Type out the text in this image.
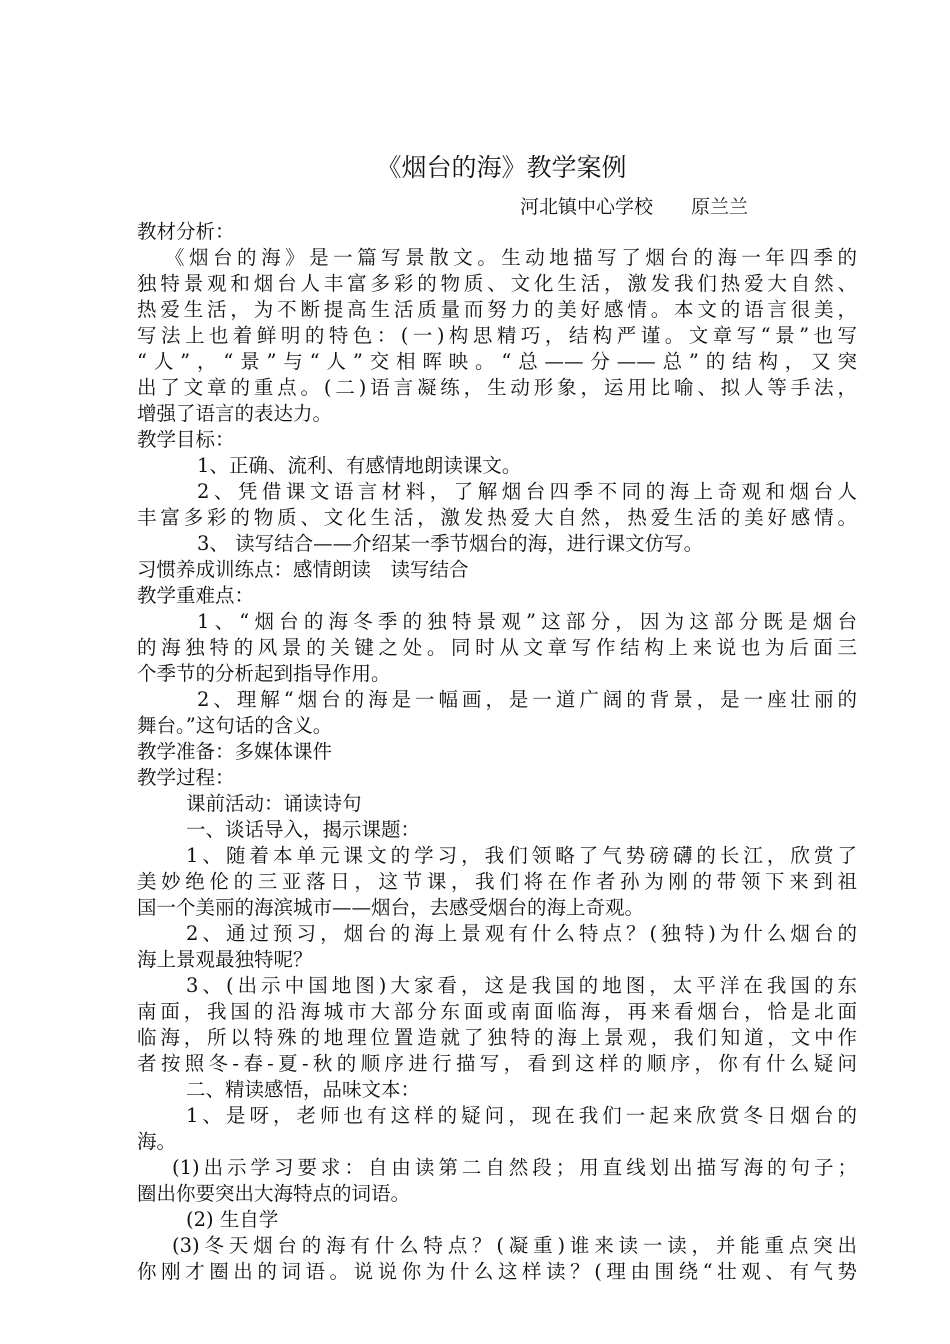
《烟台的海》教学案例
河北镇中心学校　　原兰兰
教材分析：
《烟台的海》是一篇写景散文。生动地描写了烟台的海一年四季的
独特景观和烟台人丰富多彩的物质、文化生活，激发我们热爱大自然、
热爱生活，为不断提高生活质量而努力的美好感情。本文的语言很美，
写法上也着鲜明的特色：(一)构思精巧，结构严谨。文章写“景”也写
“人”，“景”与“人”交相晖映。“总——分——总”的结构，又突
出了文章的重点。(二)语言凝练，生动形象，运用比喻、拟人等手法，
增强了语言的表达力。
教学目标：
1、正确、流利、有感情地朗读课文。
2、凭借课文语言材料，了解烟台四季不同的海上奇观和烟台人
丰富多彩的物质、文化生活，激发热爱大自然，热爱生活的美好感情。
3、 读写结合——介绍某一季节烟台的海，进行课文仿写。
习惯养成训练点：感情朗读　读写结合
教学重难点：
1、“烟台的海冬季的独特景观”这部分，因为这部分既是烟台
的海独特的风景的关键之处。同时从文章写作结构上来说也为后面三
个季节的分析起到指导作用。
2、理解“烟台的海是一幅画，是一道广阔的背景，是一座壮丽的
舞台。”这句话的含义。
教学准备：多媒体课件
教学过程：
课前活动：诵读诗句
一、谈话导入，揭示课题：
1、随着本单元课文的学习，我们领略了气势磅礴的长江，欣赏了
美妙绝伦的三亚落日，这节课，我们将在作者孙为刚的带领下来到祖
国一个美丽的海滨城市——烟台，去感受烟台的海上奇观。
2、通过预习，烟台的海上景观有什么特点？(独特)为什么烟台的
海上景观最独特呢？
3、(出示中国地图)大家看，这是我国的地图，太平洋在我国的东
南面，我国的沿海城市大部分东面或南面临海，再来看烟台，恰是北面
临海，所以特殊的地理位置造就了独特的海上景观，我们知道，文中作
者按照冬-春-夏-秋的顺序进行描写，看到这样的顺序，你有什么疑问
二、精读感悟，品味文本：
1、是呀，老师也有这样的疑问，现在我们一起来欣赏冬日烟台的
海。
(1)出示学习要求：自由读第二自然段；用直线划出描写海的句子；
圈出你要突出大海特点的词语。
(2) 生自学
(3)冬天烟台的海有什么特点？(凝重)谁来读一读，并能重点突出
你刚才圈出的词语。说说你为什么这样读？(理由围绕“壮观、有气势
